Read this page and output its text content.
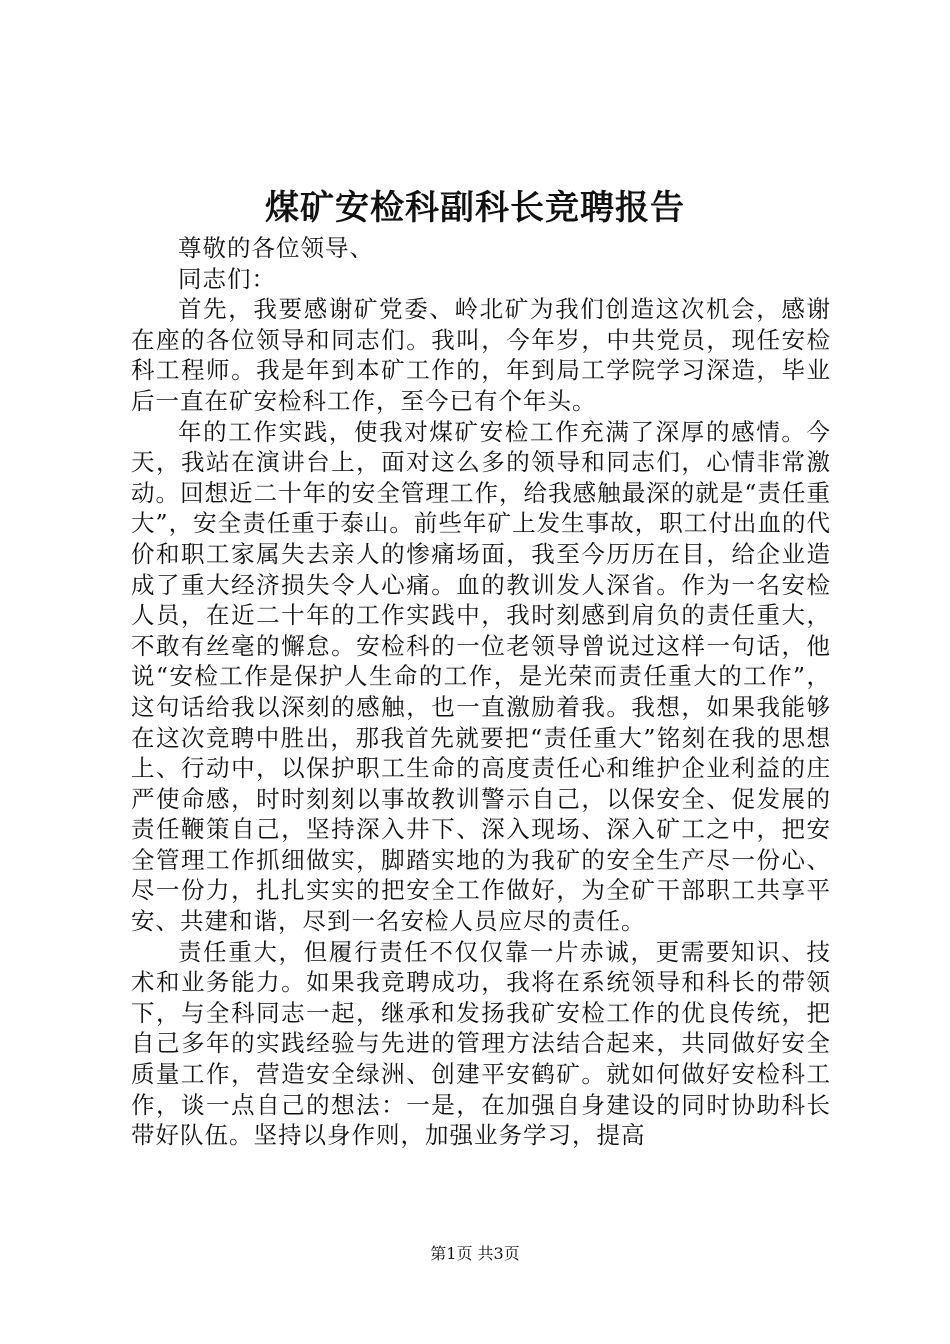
煤矿安检科副科长竞聘报告

尊敬的各位领导、

同志们：

首先，我要感谢矿党委、岭北矿为我们创造这次机会，感谢在座的各位领导和同志们。我叫，今年岁，中共党员，现任安检科工程师。我是年到本矿工作的，年到局工学院学习深造，毕业后一直在矿安检科工作，至今已有个年头。

年的工作实践，使我对煤矿安检工作充满了深厚的感情。今天，我站在演讲台上，面对这么多的领导和同志们，心情非常激动。回想近二十年的安全管理工作，给我感触最深的就是“责任重大”，安全责任重于泰山。前些年矿上发生事故，职工付出血的代价和职工家属失去亲人的惨痛场面，我至今历历在目，给企业造成了重大经济损失令人心痛。血的教训发人深省。作为一名安检人员，在近二十年的工作实践中，我时刻感到肩负的责任重大，不敢有丝毫的懈怠。安检科的一位老领导曾说过这样一句话，他说“安检工作是保护人生命的工作，是光荣而责任重大的工作”，这句话给我以深刻的感触，也一直激励着我。我想，如果我能够在这次竞聘中胜出，那我首先就要把“责任重大”铭刻在我的思想上、行动中，以保护职工生命的高度责任心和维护企业利益的庄严使命感，时时刻刻以事故教训警示自己，以保安全、促发展的责任鞭策自己，坚持深入井下、深入现场、深入矿工之中，把安全管理工作抓细做实，脚踏实地的为我矿的安全生产尽一份心、尽一份力，扎扎实实的把安全工作做好，为全矿干部职工共享平安、共建和谐，尽到一名安检人员应尽的责任。

责任重大，但履行责任不仅仅靠一片赤诚，更需要知识、技术和业务能力。如果我竞聘成功，我将在系统领导和科长的带领下，与全科同志一起，继承和发扬我矿安检工作的优良传统，把自己多年的实践经验与先进的管理方法结合起来，共同做好安全质量工作，营造安全绿洲、创建平安鹤矿。就如何做好安检科工作，谈一点自己的想法：一是，在加强自身建设的同时协助科长带好队伍。坚持以身作则，加强业务学习，提高

第1页 共3页
